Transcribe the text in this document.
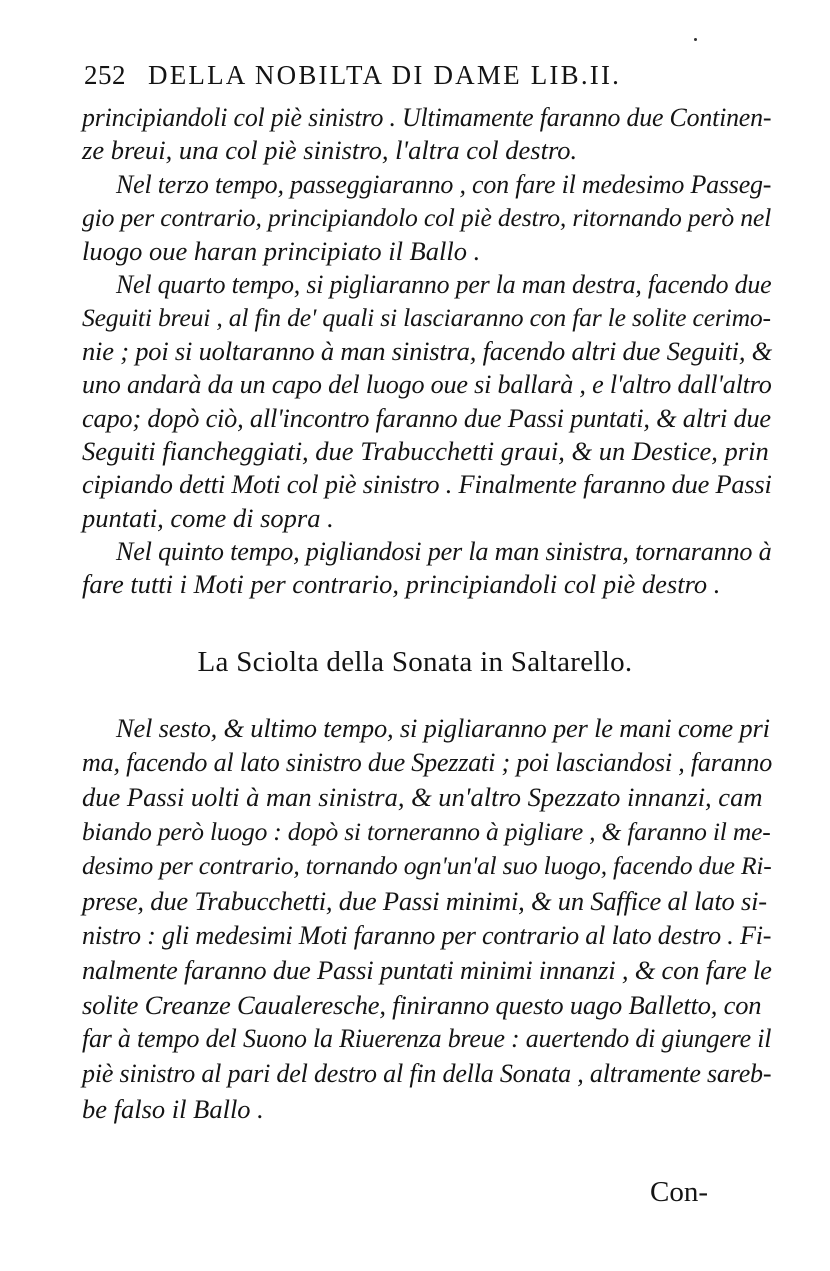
252 DELLA NOBILTA DI DAME LIB.II.
principiandoli col piè sinistro . Ultimamente faranno due Continen-
ze breui, una col piè sinistro, l'altra col destro.
Nel terzo tempo, passeggiaranno , con fare il medesimo Passeg-
gio per contrario, principiandolo col piè destro, ritornando però nel
luogo oue haran principiato il Ballo .
Nel quarto tempo, si pigliaranno per la man destra, facendo due
Seguiti breui , al fin de' quali si lasciaranno con far le solite cerimo-
nie ; poi si uoltaranno à man sinistra, facendo altri due Seguiti, &
uno andarà da un capo del luogo oue si ballarà , e l'altro dall'altro
capo; dopò ciò, all'incontro faranno due Passi puntati, & altri due
Seguiti fiancheggiati, due Trabucchetti graui, & un Destice, prin
cipiando detti Moti col piè sinistro . Finalmente faranno due Passi
puntati, come di sopra .
Nel quinto tempo, pigliandosi per la man sinistra, tornaranno à
fare tutti i Moti per contrario, principiandoli col piè destro .
La Sciolta della Sonata in Saltarello.
Nel sesto, & ultimo tempo, si pigliaranno per le mani come pri
ma, facendo al lato sinistro due Spezzati ; poi lasciandosi , faranno
due Passi uolti à man sinistra, & un'altro Spezzato innanzi, cam
biando però luogo : dopò si torneranno à pigliare , & faranno il me-
desimo per contrario, tornando ogn'un'al suo luogo, facendo due Ri-
prese, due Trabucchetti, due Passi minimi, & un Saffice al lato si-
nistro : gli medesimi Moti faranno per contrario al lato destro . Fi-
nalmente faranno due Passi puntati minimi innanzi , & con fare le
solite Creanze Caualeresche, finiranno questo uago Balletto, con
far à tempo del Suono la Riuerenza breue : auertendo di giungere il
piè sinistro al pari del destro al fin della Sonata , altramente sareb-
be falso il Ballo .
Con-
